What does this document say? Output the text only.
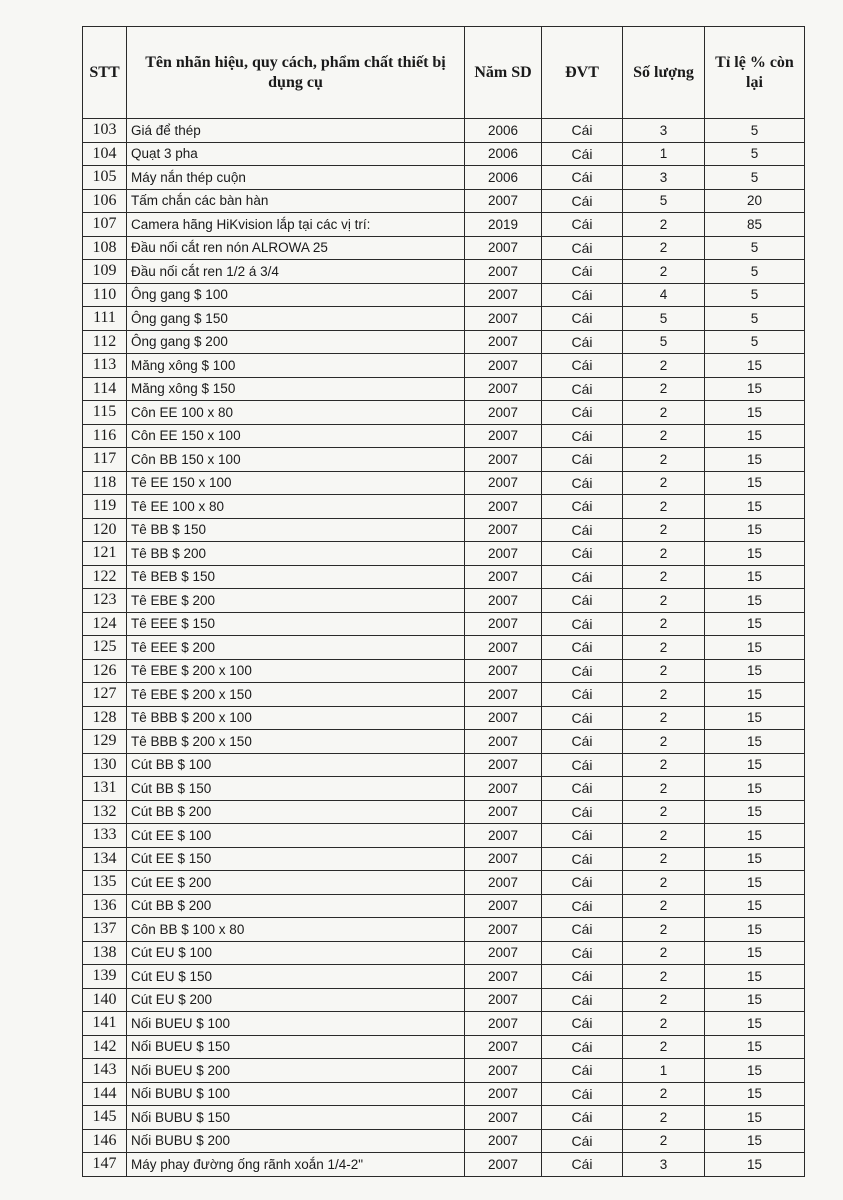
STT	Tên nhãn hiệu, quy cách, phẩm chất thiết bị dụng cụ	Năm SD	ĐVT	Số lượng	Tỉ lệ % còn lại
103	Giá để thép	2006	Cái	3	5
104	Quạt 3 pha	2006	Cái	1	5
105	Máy nắn thép cuộn	2006	Cái	3	5
106	Tấm chắn các bàn hàn	2007	Cái	5	20
107	Camera hãng HiKvision lắp tại các vị trí:	2019	Cái	2	85
108	Đầu nối cắt ren nón ALROWA 25	2007	Cái	2	5
109	Đầu nối cắt ren 1/2 á 3/4	2007	Cái	2	5
110	Ông gang $ 100	2007	Cái	4	5
111	Ông gang $ 150	2007	Cái	5	5
112	Ông gang $ 200	2007	Cái	5	5
113	Măng xông $ 100	2007	Cái	2	15
114	Măng xông $ 150	2007	Cái	2	15
115	Côn EE 100 x 80	2007	Cái	2	15
116	Côn EE 150 x 100	2007	Cái	2	15
117	Côn BB 150 x 100	2007	Cái	2	15
118	Tê EE 150 x 100	2007	Cái	2	15
119	Tê EE 100 x 80	2007	Cái	2	15
120	Tê BB $ 150	2007	Cái	2	15
121	Tê BB $ 200	2007	Cái	2	15
122	Tê BEB $ 150	2007	Cái	2	15
123	Tê EBE $ 200	2007	Cái	2	15
124	Tê EEE $ 150	2007	Cái	2	15
125	Tê EEE $ 200	2007	Cái	2	15
126	Tê EBE $ 200 x 100	2007	Cái	2	15
127	Tê EBE $ 200 x 150	2007	Cái	2	15
128	Tê BBB $ 200 x 100	2007	Cái	2	15
129	Tê BBB $ 200 x 150	2007	Cái	2	15
130	Cút BB $ 100	2007	Cái	2	15
131	Cút BB $ 150	2007	Cái	2	15
132	Cút BB $ 200	2007	Cái	2	15
133	Cút EE $ 100	2007	Cái	2	15
134	Cút EE $ 150	2007	Cái	2	15
135	Cút EE $ 200	2007	Cái	2	15
136	Cút BB $ 200	2007	Cái	2	15
137	Côn BB $ 100 x 80	2007	Cái	2	15
138	Cút EU $ 100	2007	Cái	2	15
139	Cút EU $ 150	2007	Cái	2	15
140	Cút EU $ 200	2007	Cái	2	15
141	Nối BUEU $ 100	2007	Cái	2	15
142	Nối BUEU $ 150	2007	Cái	2	15
143	Nối BUEU $ 200	2007	Cái	1	15
144	Nối BUBU $ 100	2007	Cái	2	15
145	Nối BUBU $ 150	2007	Cái	2	15
146	Nối BUBU $ 200	2007	Cái	2	15
147	Máy phay đường ống rãnh xoắn 1/4-2"	2007	Cái	3	15
